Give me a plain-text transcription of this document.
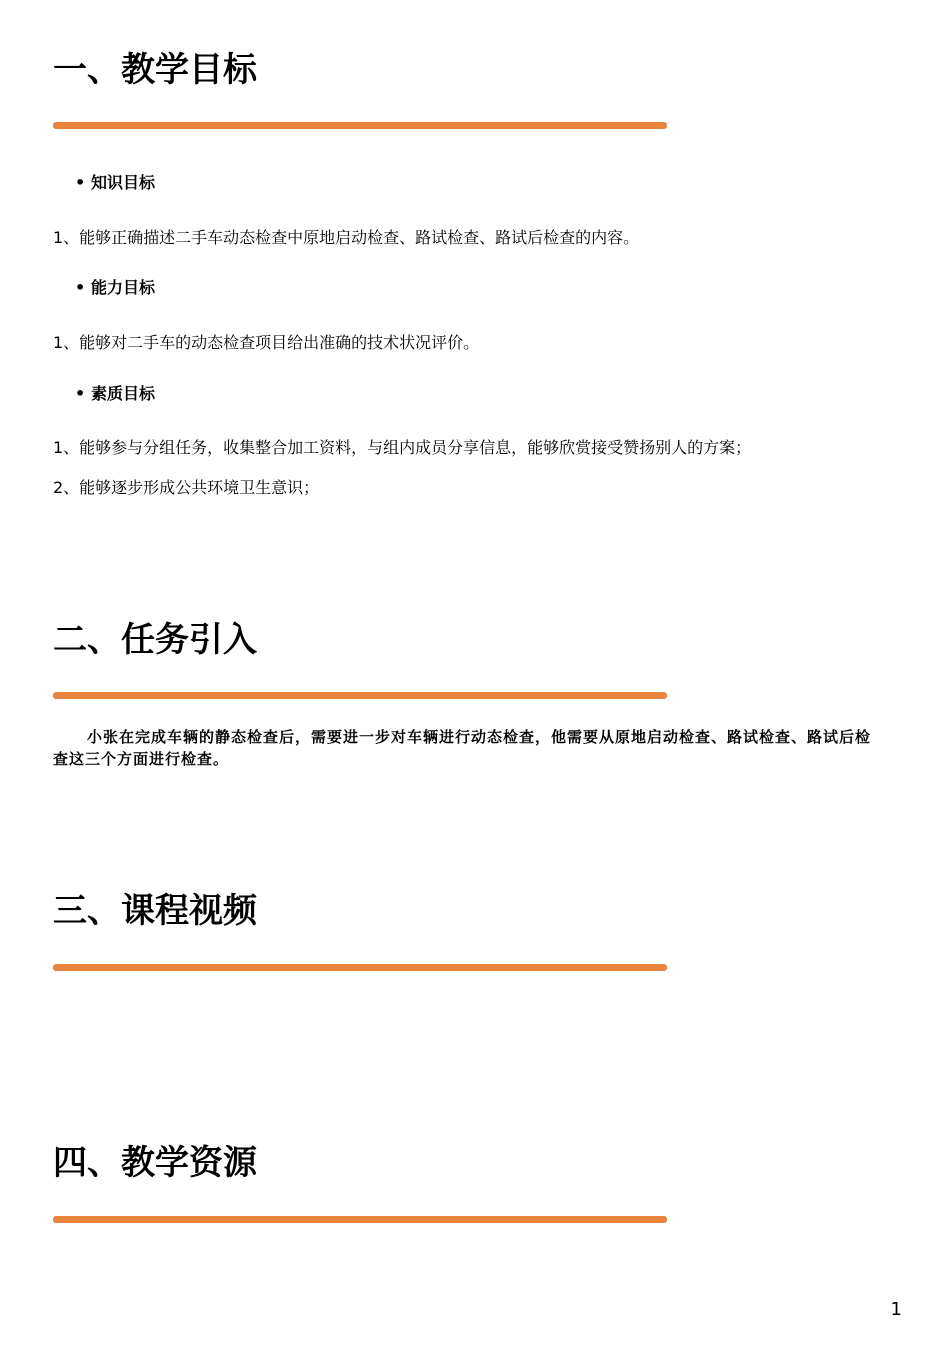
一、教学目标
• 知识目标
1、能够正确描述二手车动态检查中原地启动检查、路试检查、路试后检查的内容。
• 能力目标
1、能够对二手车的动态检查项目给出准确的技术状况评价。
• 素质目标
1、能够参与分组任务，收集整合加工资料，与组内成员分享信息，能够欣赏接受赞扬别人的方案；
2、能够逐步形成公共环境卫生意识；
二、任务引入

小张在完成车辆的静态检查后，需要进一步对车辆进行动态检查，他需要从原地启动检查、路试检查、路试后检查这三个方面进行检查。

三、课程视频
四、教学资源
1
